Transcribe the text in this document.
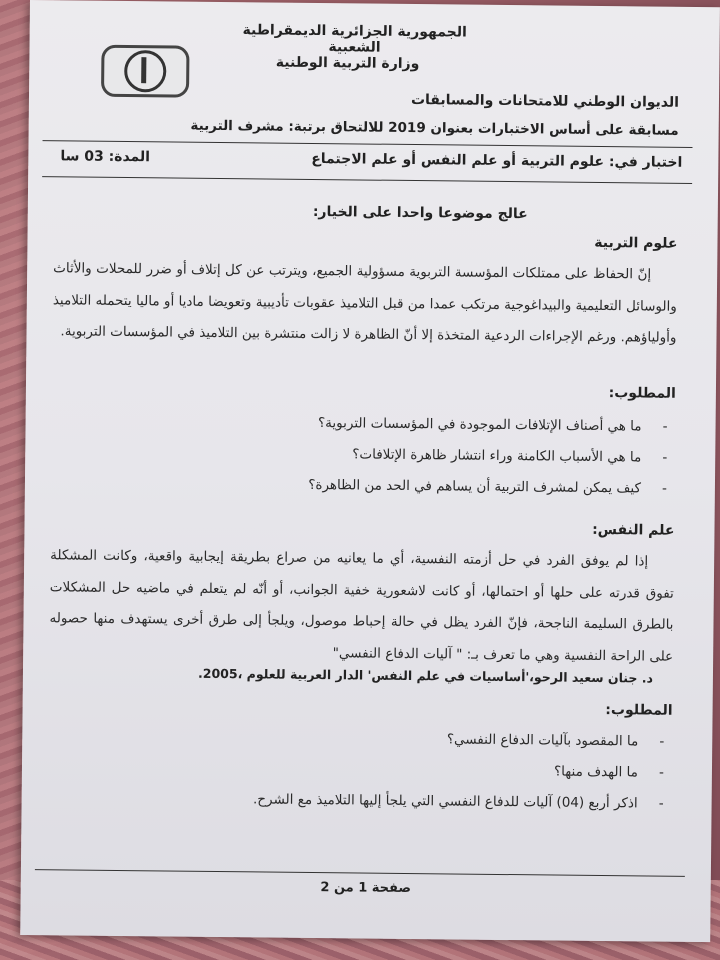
الجمهورية الجزائرية الديمقراطية الشعبية
وزارة التربية الوطنية
الديوان الوطني للامتحانات والمسابقات
مسابقة على أساس الاختبارات بعنوان 2019 للالتحاق برتبة: مشرف التربية
اختبار في: علوم التربية أو علم النفس أو علم الاجتماع
المدة: 03 سا
عالج موضوعا واحدا على الخيار:
علوم التربية

إنّ الحفاظ على ممتلكات المؤسسة التربوية مسؤولية الجميع، ويترتب عن كل إتلاف أو ضرر للمحلات والأثاث والوسائل التعليمية والبيداغوجية مرتكب عمدا من قبل التلاميذ عقوبات تأديبية وتعويضا ماديا أو ماليا يتحمله التلاميذ وأولياؤهم. ورغم الإجراءات الردعية المتخذة إلا أنّ الظاهرة لا زالت منتشرة بين التلاميذ في المؤسسات التربوية.

المطلوب:
- ما هي أصناف الإتلافات الموجودة في المؤسسات التربوية؟
- ما هي الأسباب الكامنة وراء انتشار ظاهرة الإتلافات؟
- كيف يمكن لمشرف التربية أن يساهم في الحد من الظاهرة؟
علم النفس:

إذا لم يوفق الفرد في حل أزمته النفسية، أي ما يعانيه من صراع بطريقة إيجابية واقعية، وكانت المشكلة تفوق قدرته على حلها أو احتمالها، أو كانت لاشعورية خفية الجوانب، أو أنّه لم يتعلم في ماضيه حل المشكلات بالطرق السليمة الناجحة، فإنّ الفرد يظل في حالة إحباط موصول، ويلجأ إلى طرق أخرى يستهدف منها حصوله على الراحة النفسية وهي ما تعرف بـ: " آليات الدفاع النفسي"

د. جنان سعيد الرحو،'أساسيات في علم النفس' الدار العربية للعلوم ،2005.
المطلوب:
- ما المقصود بآليات الدفاع النفسي؟
- ما الهدف منها؟
- اذكر أربع (04) آليات للدفاع النفسي التي يلجأ إليها التلاميذ مع الشرح.
صفحة 1 من 2
